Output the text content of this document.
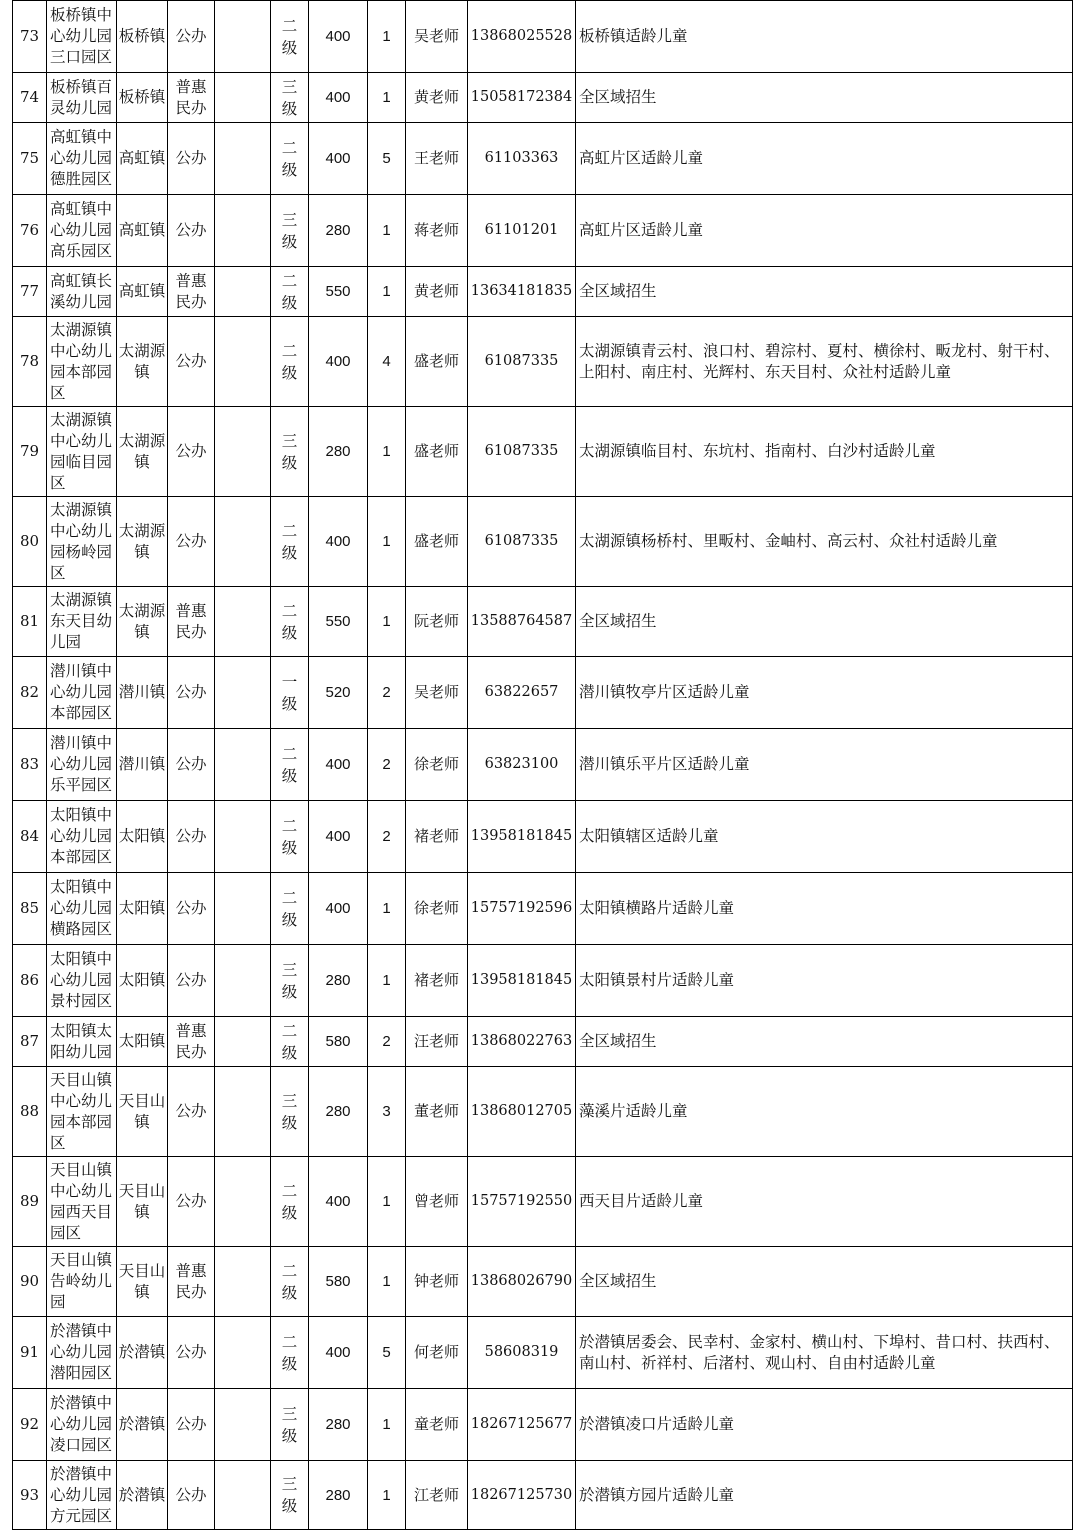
73	板桥镇中心幼儿园三口园区	板桥镇	公办		二级	400	1	吴老师	13868025528	板桥镇适龄儿童
74	板桥镇百灵幼儿园	板桥镇	普惠民办		三级	400	1	黄老师	15058172384	全区域招生
75	高虹镇中心幼儿园德胜园区	高虹镇	公办		二级	400	5	王老师	61103363	高虹片区适龄儿童
76	高虹镇中心幼儿园高乐园区	高虹镇	公办		三级	280	1	蒋老师	61101201	高虹片区适龄儿童
77	高虹镇长溪幼儿园	高虹镇	普惠民办		二级	550	1	黄老师	13634181835	全区域招生
78	太湖源镇中心幼儿园本部园区	太湖源镇	公办		二级	400	4	盛老师	61087335	太湖源镇青云村、浪口村、碧淙村、夏村、横徐村、畈龙村、射干村、上阳村、南庄村、光辉村、东天目村、众社村适龄儿童
79	太湖源镇中心幼儿园临目园区	太湖源镇	公办		三级	280	1	盛老师	61087335	太湖源镇临目村、东坑村、指南村、白沙村适龄儿童
80	太湖源镇中心幼儿园杨岭园区	太湖源镇	公办		二级	400	1	盛老师	61087335	太湖源镇杨桥村、里畈村、金岫村、高云村、众社村适龄儿童
81	太湖源镇东天目幼儿园	太湖源镇	普惠民办		二级	550	1	阮老师	13588764587	全区域招生
82	潜川镇中心幼儿园本部园区	潜川镇	公办		一级	520	2	吴老师	63822657	潜川镇牧亭片区适龄儿童
83	潜川镇中心幼儿园乐平园区	潜川镇	公办		二级	400	2	徐老师	63823100	潜川镇乐平片区适龄儿童
84	太阳镇中心幼儿园本部园区	太阳镇	公办		二级	400	2	褚老师	13958181845	太阳镇辖区适龄儿童
85	太阳镇中心幼儿园横路园区	太阳镇	公办		二级	400	1	徐老师	15757192596	太阳镇横路片适龄儿童
86	太阳镇中心幼儿园景村园区	太阳镇	公办		三级	280	1	褚老师	13958181845	太阳镇景村片适龄儿童
87	太阳镇太阳幼儿园	太阳镇	普惠民办		二级	580	2	汪老师	13868022763	全区域招生
88	天目山镇中心幼儿园本部园区	天目山镇	公办		三级	280	3	董老师	13868012705	藻溪片适龄儿童
89	天目山镇中心幼儿园西天目园区	天目山镇	公办		二级	400	1	曾老师	15757192550	西天目片适龄儿童
90	天目山镇告岭幼儿园	天目山镇	普惠民办		二级	580	1	钟老师	13868026790	全区域招生
91	於潜镇中心幼儿园潜阳园区	於潜镇	公办		二级	400	5	何老师	58608319	於潜镇居委会、民幸村、金家村、横山村、下埠村、昔口村、扶西村、南山村、祈祥村、后渚村、观山村、自由村适龄儿童
92	於潜镇中心幼儿园凌口园区	於潜镇	公办		三级	280	1	童老师	18267125677	於潜镇凌口片适龄儿童
93	於潜镇中心幼儿园方元园区	於潜镇	公办		三级	280	1	江老师	18267125730	於潜镇方园片适龄儿童
